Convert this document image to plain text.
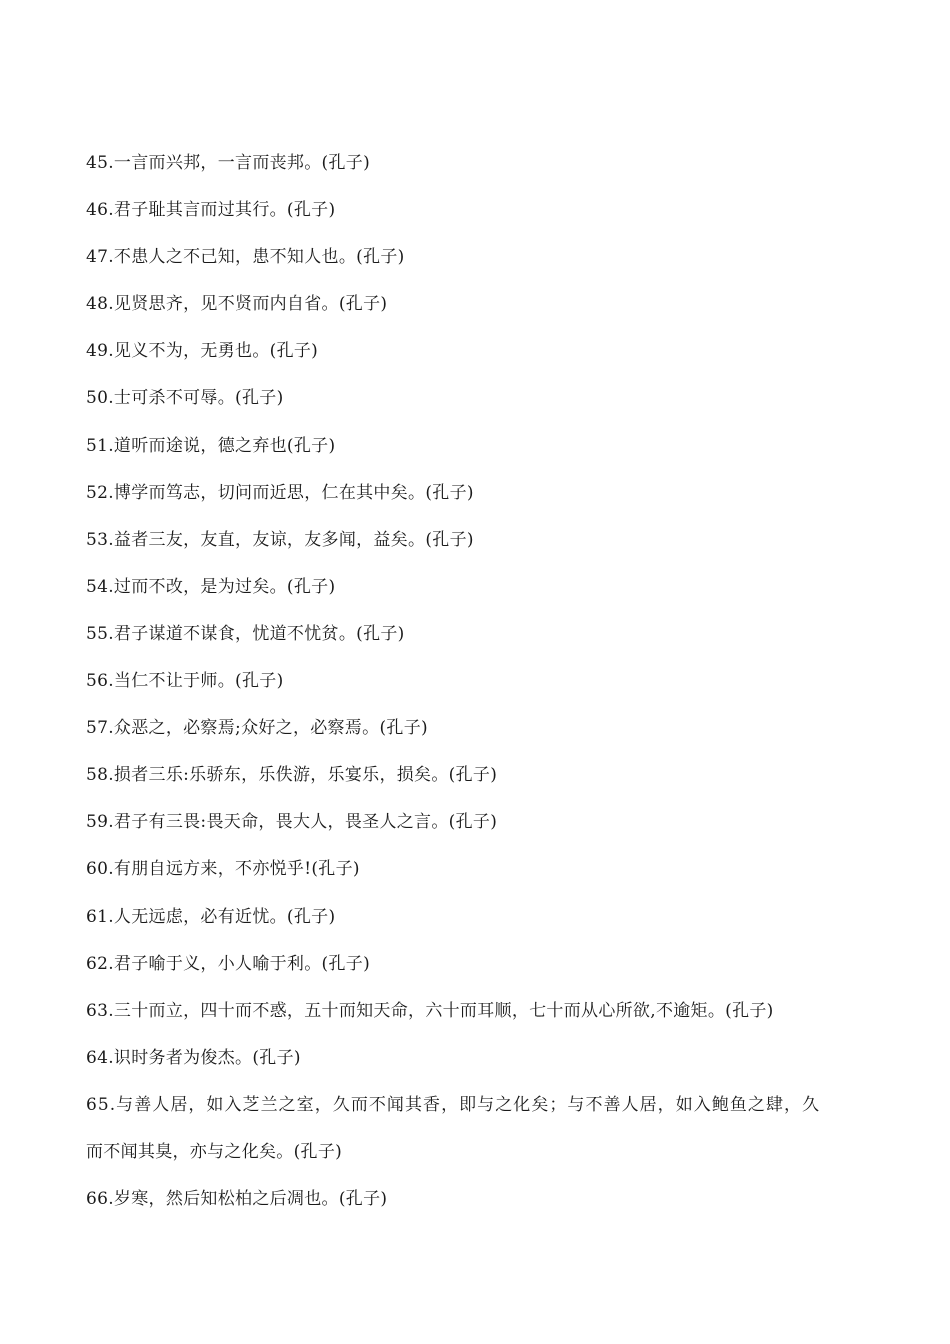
45.一言而兴邦，一言而丧邦。(孔子)
46.君子耻其言而过其行。(孔子)
47.不患人之不己知，患不知人也。(孔子)
48.见贤思齐，见不贤而内自省。(孔子)
49.见义不为，无勇也。(孔子)
50.士可杀不可辱。(孔子)
51.道听而途说，德之弃也(孔子)
52.博学而笃志，切问而近思，仁在其中矣。(孔子)
53.益者三友，友直，友谅，友多闻，益矣。(孔子)
54.过而不改，是为过矣。(孔子)
55.君子谋道不谋食，忧道不忧贫。(孔子)
56.当仁不让于师。(孔子)
57.众恶之，必察焉;众好之，必察焉。(孔子)
58.损者三乐:乐骄东，乐佚游，乐宴乐，损矣。(孔子)
59.君子有三畏:畏天命，畏大人，畏圣人之言。(孔子)
60.有朋自远方来，不亦悦乎!(孔子)
61.人无远虑，必有近忧。(孔子)
62.君子喻于义，小人喻于利。(孔子)
63.三十而立，四十而不惑，五十而知天命，六十而耳顺，七十而从心所欲,不逾矩。(孔子)
64.识时务者为俊杰。(孔子)
65.与善人居，如入芝兰之室，久而不闻其香，即与之化矣；与不善人居，如入鲍鱼之肆，久
而不闻其臭，亦与之化矣。(孔子)
66.岁寒，然后知松柏之后凋也。(孔子)
